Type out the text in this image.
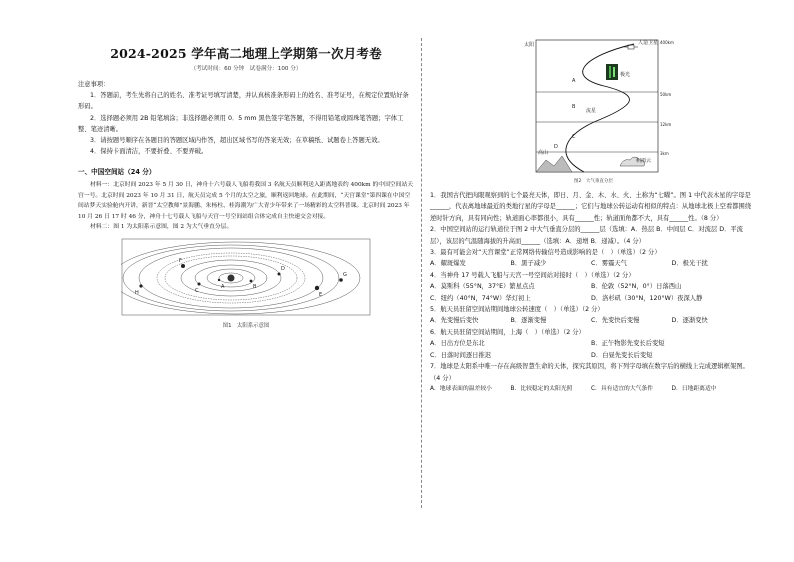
2024-2025 学年高二地理上学期第一次月考卷
（考试时间：60 分钟　试卷满分：100 分）

注意事项：

1．答题前，考生先将自己的姓名、准考证号填写清楚，并认真核准条形码上的姓名、准考证号，在规定位置贴好条形码。

2．选择题必须用 2B 铅笔填涂；非选择题必须用 0．5 mm 黑色签字笔答题，不得用铅笔或圆珠笔答题；字体工整、笔迹清晰。

3．请按题号顺序在各题目的答题区域内作答，超出区域书写的答案无效；在草稿纸、试题卷上答题无效。

4．保持卡面清洁，不要折叠、不要弄破。

一、中国空间站（24 分）

材料一：北京时间 2023 年 5 月 30 日，神舟十六号载人飞船将我国 3 名航天员顺利送入距离地表约 400km 的中国空间站天宫一号。北京时间 2023 年 10 月 31 日，航天员完成 5 个月的太空之旅，顺利返回地球。在此期间，“天宫课堂”第四课在中国空间站梦天实验舱内开讲，新晋“太空教师”景海鹏、朱杨柱、桂海潮为广大青少年带来了一场精彩的太空科普课。北京时间 2023 年 10 月 26 日 17 时 46 分，神舟十七号载人飞船与天宫一号空间站组合体完成自主快速交会对接。

材料二：图 1 为太阳系示意图，图 2 为大气垂直分层。

A	B
C
D
E
F
G
H
图1　太阳系示意图
太阳	人造卫星
极光
流星
积雨云
高山
400km
50km
12km
3km
A
B
C
D
图2　大气垂直分层

1．我国古代把肉眼观察到的七个最亮天体，即日、月、金、木、水、火、土称为“七曜”。图 1 中代表木星的字母是______，代表离地球最近的类地行星的字母是______；它们与地球公转运动有相似的特点：从地球北极上空看都围绕逆时针方向，具有同向性；轨道面心率都很小，具有______性；轨道面角都不大，具有______性。（8 分）

2．中国空间站的运行轨道位于图 2 中大气垂直分层的______层（选填：A．热层 B．中间层 C．对流层 D．平流层），该层的气温随海拔的升高而______（选填：A．递增 B．递减）。（4 分）

3．最有可能会对“天宫课堂”正常网络传输信号造成影响的是（　）（单选）（2 分）

A．耀斑爆发	B．黑子减少	C．雾霾天气	D．极光干扰

4．当神舟 17 号载人飞船与天宫一号空间站对接时（　）（单选）（2 分）

A．莫斯科（55°N，37°E）繁星点点	B．伦敦（52°N，0°）日落西山
C．纽约（40°N，74°W）华灯初上	D．洛杉矶（30°N，120°W）夜深人静

5．航天员驻留空间站期间地球公转速度（　）（单选）（2 分）

A．先变慢后变快	B．逐渐变慢	C．先变快后变慢	D．逐渐变快

6．航天员驻留空间站期间，上海（　）（单选）（2 分）

A．日出方位是东北	B．正午物影先变长后变短
C．日落时间逐日推迟	D．白昼先变长后变短

7．地球是太阳系中唯一存在高级智慧生命的天体，探究其原因，将下列字母填在数字后的横线上完成逻辑框架图。（4 分）

A．地球表面的温差较小	B．比较稳定的太阳光照	C．具有适宜的大气条件	D．日地距离适中
